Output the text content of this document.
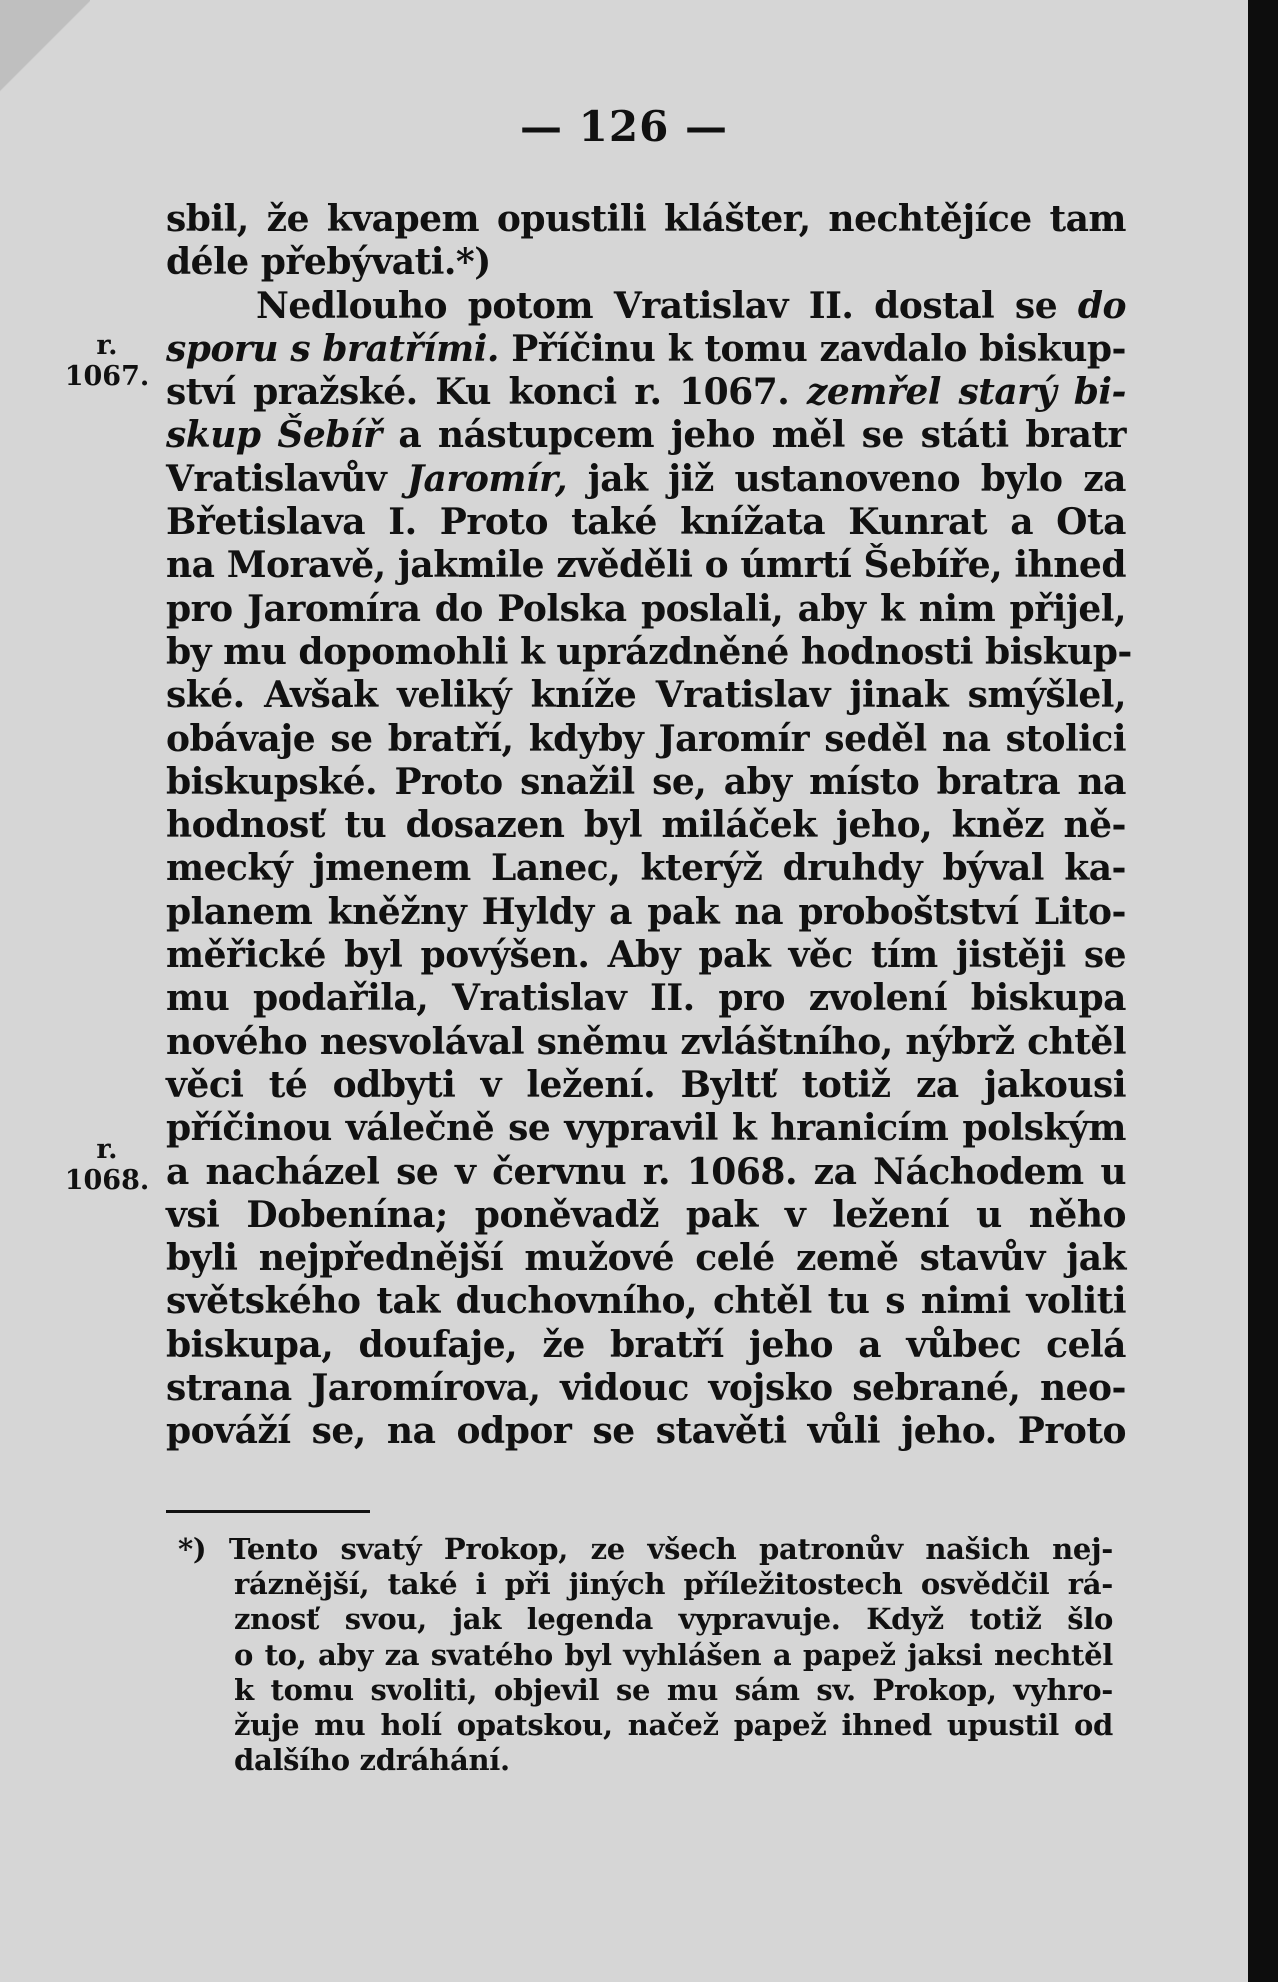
— 126 —
sbil, že kvapem opustili klášter, nechtějíce tam
déle přebývati.*)
Nedlouho potom Vratislav II. dostal se do
sporu s bratřími. Příčinu k tomu zavdalo biskup-
ství pražské. Ku konci r. 1067. zemřel starý bi-
skup Šebíř a nástupcem jeho měl se státi bratr
Vratislavův Jaromír, jak již ustanoveno bylo za
Břetislava I. Proto také knížata Kunrat a Ota
na Moravě, jakmile zvěděli o úmrtí Šebíře, ihned
pro Jaromíra do Polska poslali, aby k nim přijel,
by mu dopomohli k uprázdněné hodnosti biskup-
ské. Avšak veliký kníže Vratislav jinak smýšlel,
obávaje se bratří, kdyby Jaromír seděl na stolici
biskupské. Proto snažil se, aby místo bratra na
hodnosť tu dosazen byl miláček jeho, kněz ně-
mecký jmenem Lanec, kterýž druhdy býval ka-
planem kněžny Hyldy a pak na proboštství Lito-
měřické byl povýšen. Aby pak věc tím jistěji se
mu podařila, Vratislav II. pro zvolení biskupa
nového nesvolával sněmu zvláštního, nýbrž chtěl
věci té odbyti v ležení. Byltť totiž za jakousi
příčinou válečně se vypravil k hranicím polským
a nacházel se v červnu r. 1068. za Náchodem u
vsi Dobenína; poněvadž pak v ležení u něho
byli nejpřednější mužové celé země stavův jak
světského tak duchovního, chtěl tu s nimi voliti
biskupa, doufaje, že bratří jeho a vůbec celá
strana Jaromírova, vidouc vojsko sebrané, neo-
pováží se, na odpor se stavěti vůli jeho. Proto
r.
1067.
r.
1068.
*) Tento svatý Prokop, ze všech patronův našich nej-
ráznější, také i při jiných příležitostech osvědčil rá-
znosť svou, jak legenda vypravuje. Když totiž šlo
o to, aby za svatého byl vyhlášen a papež jaksi nechtěl
k tomu svoliti, objevil se mu sám sv. Prokop, vyhro-
žuje mu holí opatskou, načež papež ihned upustil od
dalšího zdráhání.
